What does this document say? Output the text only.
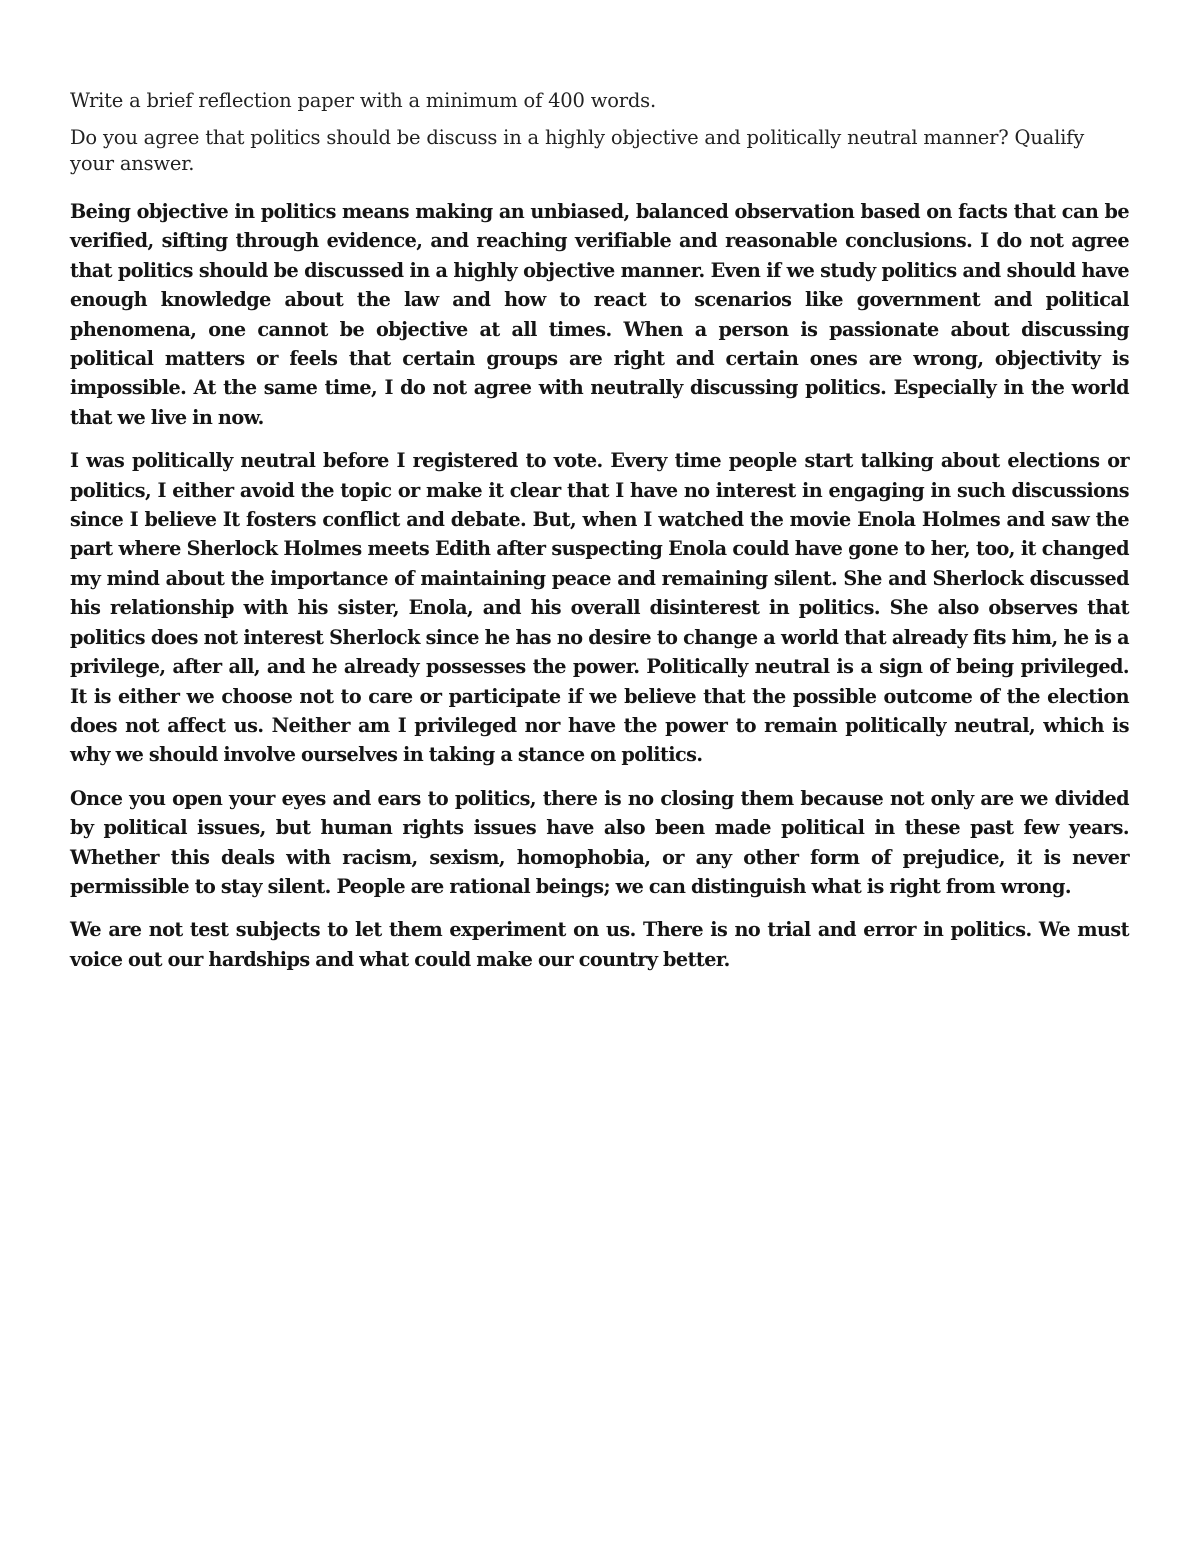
Write a brief reflection paper with a minimum of 400 words.

Do you agree that politics should be discuss in a highly objective and politically neutral manner? Qualify your answer.

Being objective in politics means making an unbiased, balanced observation based on facts that can be verified, sifting through evidence, and reaching verifiable and reasonable conclusions. I do not agree that politics should be discussed in a highly objective manner. Even if we study politics and should have enough knowledge about the law and how to react to scenarios like government and political phenomena, one cannot be objective at all times. When a person is passionate about discussing political matters or feels that certain groups are right and certain ones are wrong, objectivity is impossible. At the same time, I do not agree with neutrally discussing politics. Especially in the world that we live in now.

I was politically neutral before I registered to vote. Every time people start talking about elections or politics, I either avoid the topic or make it clear that I have no interest in engaging in such discussions since I believe It fosters conflict and debate. But, when I watched the movie Enola Holmes and saw the part where Sherlock Holmes meets Edith after suspecting Enola could have gone to her, too, it changed my mind about the importance of maintaining peace and remaining silent. She and Sherlock discussed his relationship with his sister, Enola, and his overall disinterest in politics. She also observes that politics does not interest Sherlock since he has no desire to change a world that already fits him, he is a privilege, after all, and he already possesses the power. Politically neutral is a sign of being privileged. It is either we choose not to care or participate if we believe that the possible outcome of the election does not affect us. Neither am I privileged nor have the power to remain politically neutral, which is why we should involve ourselves in taking a stance on politics.

Once you open your eyes and ears to politics, there is no closing them because not only are we divided by political issues, but human rights issues have also been made political in these past few years. Whether this deals with racism, sexism, homophobia, or any other form of prejudice, it is never permissible to stay silent. People are rational beings; we can distinguish what is right from wrong.

We are not test subjects to let them experiment on us. There is no trial and error in politics. We must voice out our hardships and what could make our country better.
